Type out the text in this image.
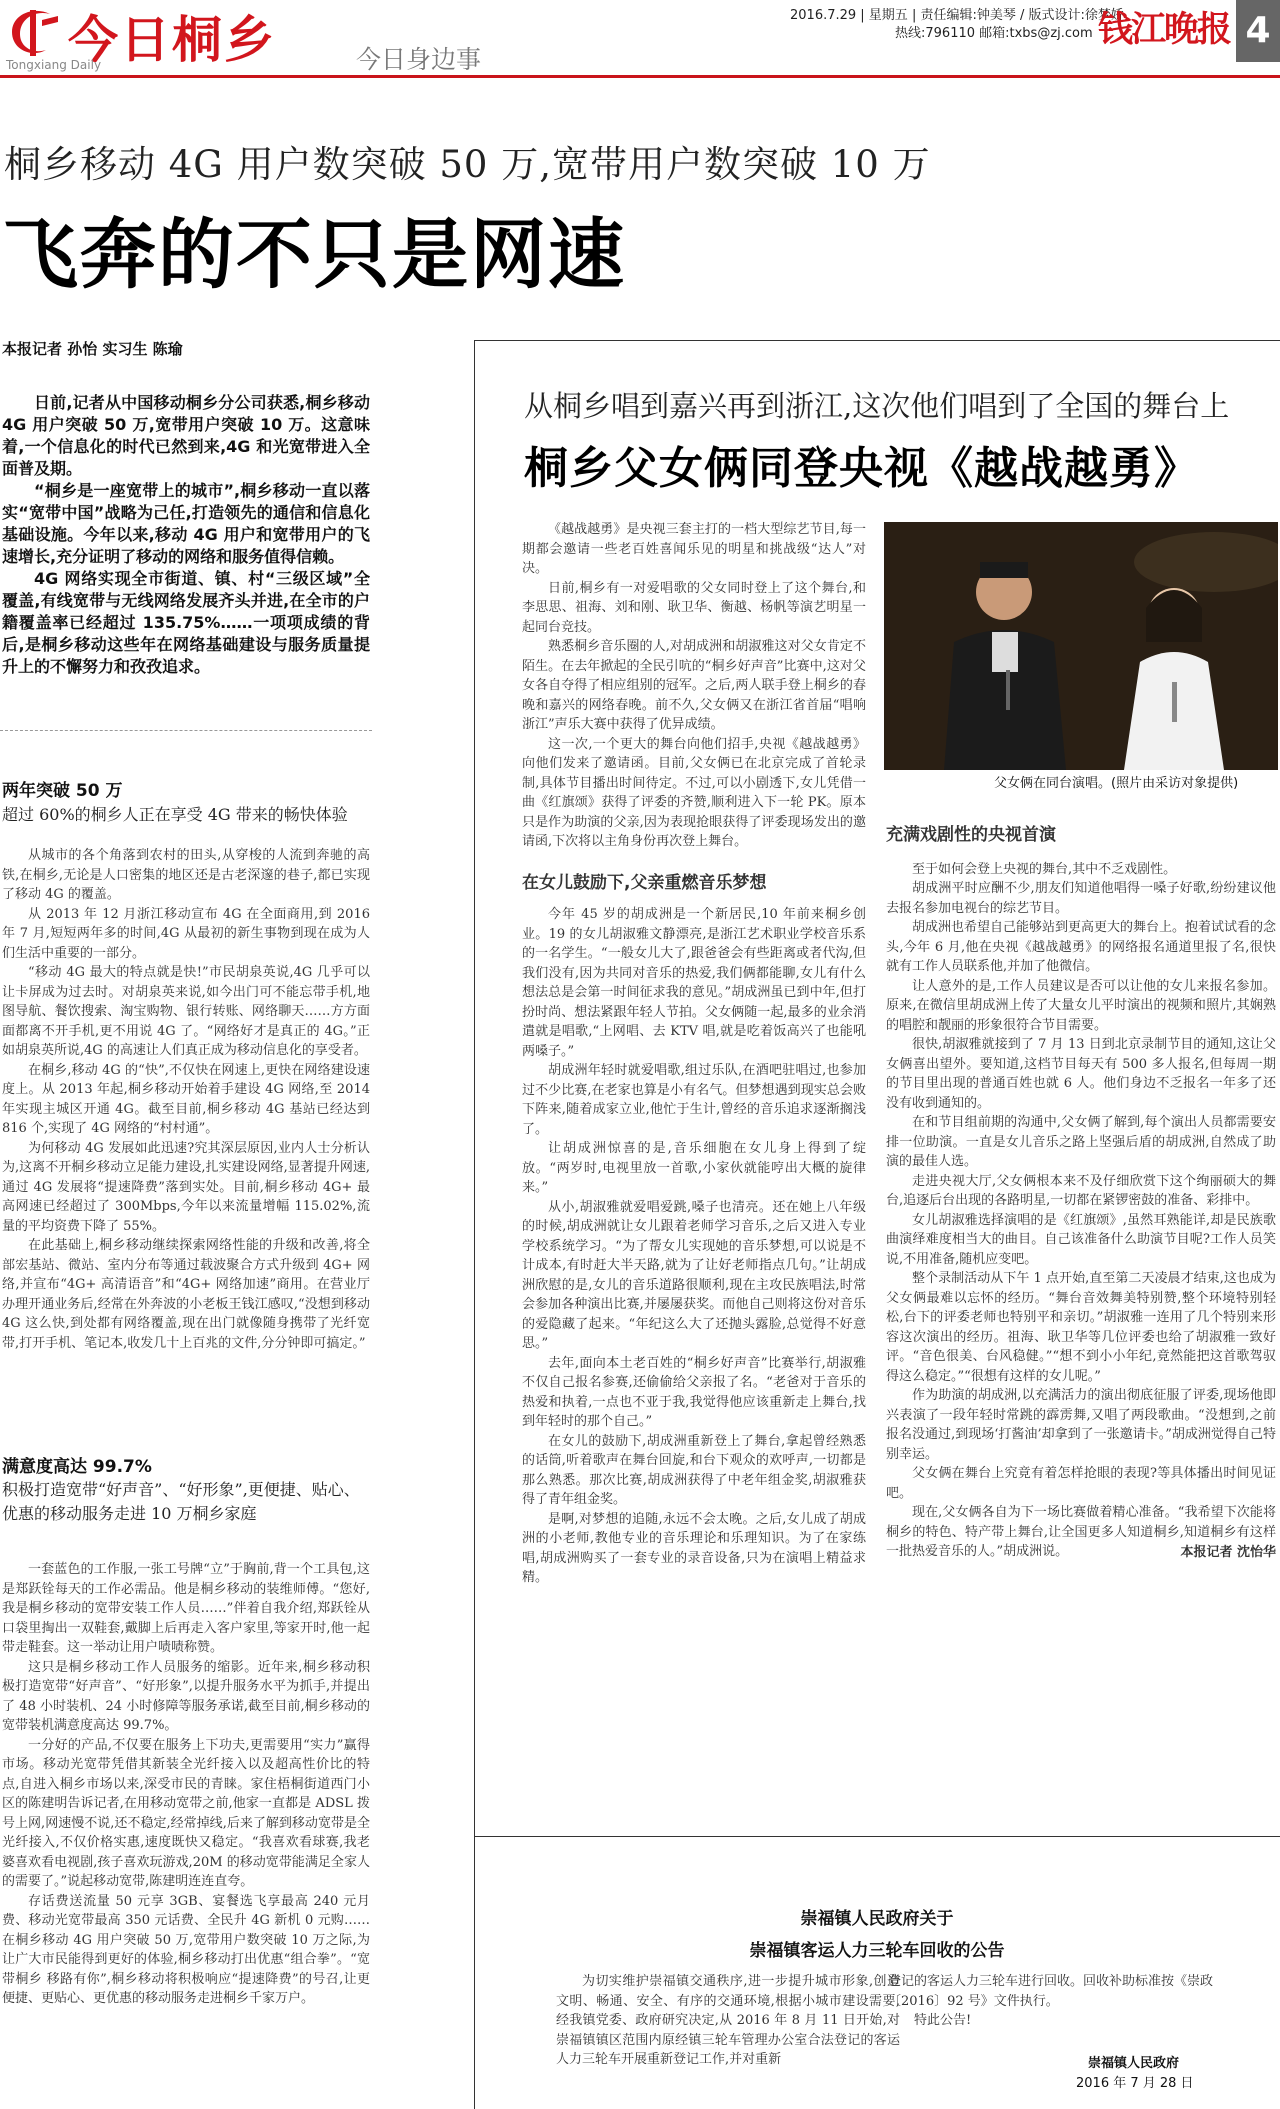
今日桐乡
Tongxiang Daily	今日身边事
2016.7.29 | 星期五 | 责任编辑:钟美琴 / 版式设计:徐梦娇
热线:796110 邮箱:txbs@zj.com 钱江晚报 4
桐乡移动 4G 用户数突破 50 万,宽带用户数突破 10 万
飞奔的不只是网速
本报记者 孙怡 实习生 陈瑜

日前,记者从中国移动桐乡分公司获悉,桐乡移动 4G 用户突破 50 万,宽带用户突破 10 万。这意味着,一个信息化的时代已然到来,4G 和光宽带进入全面普及期。

“桐乡是一座宽带上的城市”,桐乡移动一直以落实“宽带中国”战略为己任,打造领先的通信和信息化基础设施。今年以来,移动 4G 用户和宽带用户的飞速增长,充分证明了移动的网络和服务值得信赖。

4G 网络实现全市街道、镇、村“三级区域”全覆盖,有线宽带与无线网络发展齐头并进,在全市的户籍覆盖率已经超过 135.75%……一项项成绩的背后,是桐乡移动这些年在网络基础建设与服务质量提升上的不懈努力和孜孜追求。

两年突破 50 万
超过 60%的桐乡人正在享受 4G 带来的畅快体验

从城市的各个角落到农村的田头,从穿梭的人流到奔驰的高铁,在桐乡,无论是人口密集的地区还是古老深邃的巷子,都已实现了移动 4G 的覆盖。

从 2013 年 12 月浙江移动宣布 4G 在全面商用,到 2016 年 7 月,短短两年多的时间,4G 从最初的新生事物到现在成为人们生活中重要的一部分。

“移动 4G 最大的特点就是快!”市民胡泉英说,4G 几乎可以让卡屏成为过去时。对胡泉英来说,如今出门可不能忘带手机,地图导航、餐饮搜索、淘宝购物、银行转账、网络聊天……方方面面都离不开手机,更不用说 4G 了。“网络好才是真正的 4G。”正如胡泉英所说,4G 的高速让人们真正成为移动信息化的享受者。

在桐乡,移动 4G 的“快”,不仅快在网速上,更快在网络建设速度上。从 2013 年起,桐乡移动开始着手建设 4G 网络,至 2014 年实现主城区开通 4G。截至目前,桐乡移动 4G 基站已经达到 816 个,实现了 4G 网络的“村村通”。

为何移动 4G 发展如此迅速?究其深层原因,业内人士分析认为,这离不开桐乡移动立足能力建设,扎实建设网络,显著提升网速,通过 4G 发展将“提速降费”落到实处。目前,桐乡移动 4G+ 最高网速已经超过了 300Mbps,今年以来流量增幅 115.02%,流量的平均资费下降了 55%。

在此基础上,桐乡移动继续探索网络性能的升级和改善,将全部宏基站、微站、室内分布等通过载波聚合方式升级到 4G+ 网络,并宣布“4G+ 高清语音”和“4G+ 网络加速”商用。在营业厅办理开通业务后,经常在外奔波的小老板王钱江感叹,“没想到移动 4G 这么快,到处都有网络覆盖,现在出门就像随身携带了光纤宽带,打开手机、笔记本,收发几十上百兆的文件,分分钟即可搞定。”

满意度高达 99.7%
积极打造宽带“好声音”、“好形象”,更便捷、贴心、优惠的移动服务走进 10 万桐乡家庭

一套蓝色的工作服,一张工号牌“立”于胸前,背一个工具包,这是郑跃铨每天的工作必需品。他是桐乡移动的装维师傅。“您好,我是桐乡移动的宽带安装工作人员……”伴着自我介绍,郑跃铨从口袋里掏出一双鞋套,戴脚上后再走入客户家里,等家开时,他一起带走鞋套。这一举动让用户啧啧称赞。

这只是桐乡移动工作人员服务的缩影。近年来,桐乡移动积极打造宽带“好声音”、“好形象”,以提升服务水平为抓手,并提出了 48 小时装机、24 小时修障等服务承诺,截至目前,桐乡移动的宽带装机满意度高达 99.7%。

一分好的产品,不仅要在服务上下功夫,更需要用“实力”赢得市场。移动光宽带凭借其新装全光纤接入以及超高性价比的特点,自进入桐乡市场以来,深受市民的青睐。家住梧桐街道西门小区的陈建明告诉记者,在用移动宽带之前,他家一直都是 ADSL 拨号上网,网速慢不说,还不稳定,经常掉线,后来了解到移动宽带是全光纤接入,不仅价格实惠,速度既快又稳定。“我喜欢看球赛,我老婆喜欢看电视剧,孩子喜欢玩游戏,20M 的移动宽带能满足全家人的需要了。”说起移动宽带,陈建明连连直夸。

存话费送流量 50 元享 3GB、宴餐选飞享最高 240 元月费、移动光宽带最高 350 元话费、全民升 4G 新机 0 元购……在桐乡移动 4G 用户突破 50 万,宽带用户数突破 10 万之际,为让广大市民能得到更好的体验,桐乡移动打出优惠“组合拳”。“宽带桐乡 移路有你”,桐乡移动将积极响应“提速降费”的号召,让更便捷、更贴心、更优惠的移动服务走进桐乡千家万户。

从桐乡唱到嘉兴再到浙江,这次他们唱到了全国的舞台上
桐乡父女俩同登央视《越战越勇》

《越战越勇》是央视三套主打的一档大型综艺节目,每一期都会邀请一些老百姓喜闻乐见的明星和挑战级“达人”对决。

日前,桐乡有一对爱唱歌的父女同时登上了这个舞台,和李思思、祖海、刘和刚、耿卫华、衡越、杨帆等演艺明星一起同台竞技。

熟悉桐乡音乐圈的人,对胡成洲和胡淑雅这对父女肯定不陌生。在去年掀起的全民引吭的“桐乡好声音”比赛中,这对父女各自夺得了相应组别的冠军。之后,两人联手登上桐乡的春晚和嘉兴的网络春晚。前不久,父女俩又在浙江省首届“唱响浙江”声乐大赛中获得了优异成绩。

这一次,一个更大的舞台向他们招手,央视《越战越勇》向他们发来了邀请函。目前,父女俩已在北京完成了首轮录制,具体节目播出时间待定。不过,可以小剧透下,女儿凭借一曲《红旗颂》获得了评委的齐赞,顺利进入下一轮 PK。原本只是作为助演的父亲,因为表现抢眼获得了评委现场发出的邀请函,下次将以主角身份再次登上舞台。

在女儿鼓励下,父亲重燃音乐梦想

今年 45 岁的胡成洲是一个新居民,10 年前来桐乡创业。19 的女儿胡淑雅文静漂亮,是浙江艺术职业学校音乐系的一名学生。“一般女儿大了,跟爸爸会有些距离或者代沟,但我们没有,因为共同对音乐的热爱,我们俩都能聊,女儿有什么想法总是会第一时间征求我的意见。”胡成洲虽已到中年,但打扮时尚、想法紧跟年轻人节拍。父女俩随一起,最多的业余消遣就是唱歌,“上网唱、去 KTV 唱,就是吃着饭高兴了也能吼两嗓子。”

胡成洲年轻时就爱唱歌,组过乐队,在酒吧驻唱过,也参加过不少比赛,在老家也算是小有名气。但梦想遇到现实总会败下阵来,随着成家立业,他忙于生计,曾经的音乐追求逐渐搁浅了。

让胡成洲惊喜的是,音乐细胞在女儿身上得到了绽放。“两岁时,电视里放一首歌,小家伙就能哼出大概的旋律来。”

从小,胡淑雅就爱唱爱跳,嗓子也清亮。还在她上八年级的时候,胡成洲就让女儿跟着老师学习音乐,之后又进入专业学校系统学习。“为了帮女儿实现她的音乐梦想,可以说是不计成本,有时赶大半天路,就为了让好老师指点几句。”让胡成洲欣慰的是,女儿的音乐道路很顺利,现在主攻民族唱法,时常会参加各种演出比赛,并屡屡获奖。而他自己则将这份对音乐的爱隐藏了起来。“年纪这么大了还抛头露脸,总觉得不好意思。”

去年,面向本土老百姓的“桐乡好声音”比赛举行,胡淑雅不仅自己报名参赛,还偷偷给父亲报了名。“老爸对于音乐的热爱和执着,一点也不亚于我,我觉得他应该重新走上舞台,找到年轻时的那个自己。”

在女儿的鼓励下,胡成洲重新登上了舞台,拿起曾经熟悉的话筒,听着歌声在舞台回旋,和台下观众的欢呼声,一切都是那么熟悉。那次比赛,胡成洲获得了中老年组金奖,胡淑雅获得了青年组金奖。

是啊,对梦想的追随,永远不会太晚。之后,女儿成了胡成洲的小老师,教他专业的音乐理论和乐理知识。为了在家练唱,胡成洲购买了一套专业的录音设备,只为在演唱上精益求精。

父女俩在同台演唱。(照片由采访对象提供)
充满戏剧性的央视首演

至于如何会登上央视的舞台,其中不乏戏剧性。

胡成洲平时应酬不少,朋友们知道他唱得一嗓子好歌,纷纷建议他去报名参加电视台的综艺节目。

胡成洲也希望自己能够站到更高更大的舞台上。抱着试试看的念头,今年 6 月,他在央视《越战越勇》的网络报名通道里报了名,很快就有工作人员联系他,并加了他微信。

让人意外的是,工作人员建议是否可以让他的女儿来报名参加。原来,在微信里胡成洲上传了大量女儿平时演出的视频和照片,其娴熟的唱腔和靓丽的形象很符合节目需要。

很快,胡淑雅就接到了 7 月 13 日到北京录制节目的通知,这让父女俩喜出望外。要知道,这档节目每天有 500 多人报名,但每周一期的节目里出现的普通百姓也就 6 人。他们身边不乏报名一年多了还没有收到通知的。

在和节目组前期的沟通中,父女俩了解到,每个演出人员都需要安排一位助演。一直是女儿音乐之路上坚强后盾的胡成洲,自然成了助演的最佳人选。

走进央视大厅,父女俩根本来不及仔细欣赏下这个绚丽硕大的舞台,追逐后台出现的各路明星,一切都在紧锣密鼓的准备、彩排中。

女儿胡淑雅选择演唱的是《红旗颂》,虽然耳熟能详,却是民族歌曲演绎难度相当大的曲目。自己该准备什么助演节目呢?工作人员笑说,不用准备,随机应变吧。

整个录制活动从下午 1 点开始,直至第二天凌晨才结束,这也成为父女俩最难以忘怀的经历。“舞台音效舞美特别赞,整个环境特别轻松,台下的评委老师也特别平和亲切。”胡淑雅一连用了几个特别来形容这次演出的经历。祖海、耿卫华等几位评委也给了胡淑雅一致好评。“音色很美、台风稳健。”“想不到小小年纪,竟然能把这首歌驾驭得这么稳定。”“很想有这样的女儿呢。”

作为助演的胡成洲,以充满活力的演出彻底征服了评委,现场他即兴表演了一段年轻时常跳的霹雳舞,又唱了两段歌曲。“没想到,之前报名没通过,到现场‘打酱油’却拿到了一张邀请卡。”胡成洲觉得自己特别幸运。

父女俩在舞台上究竟有着怎样抢眼的表现?等具体播出时间见证吧。

现在,父女俩各自为下一场比赛做着精心准备。“我希望下次能将桐乡的特色、特产带上舞台,让全国更多人知道桐乡,知道桐乡有这样一批热爱音乐的人。”胡成洲说。	本报记者 沈怡华
崇福镇人民政府关于
崇福镇客运人力三轮车回收的公告

为切实维护崇福镇交通秩序,进一步提升城市形象,创造文明、畅通、安全、有序的交通环境,根据小城市建设需要,经我镇党委、政府研究决定,从 2016 年 8 月 11 日开始,对崇福镇镇区范围内原经镇三轮车管理办公室合法登记的客运人力三轮车开展重新登记工作,并对重新

登记的客运人力三轮车进行回收。回收补助标准按《崇政〔2016〕92 号》文件执行。

特此公告!

崇福镇人民政府
2016 年 7 月 28 日
